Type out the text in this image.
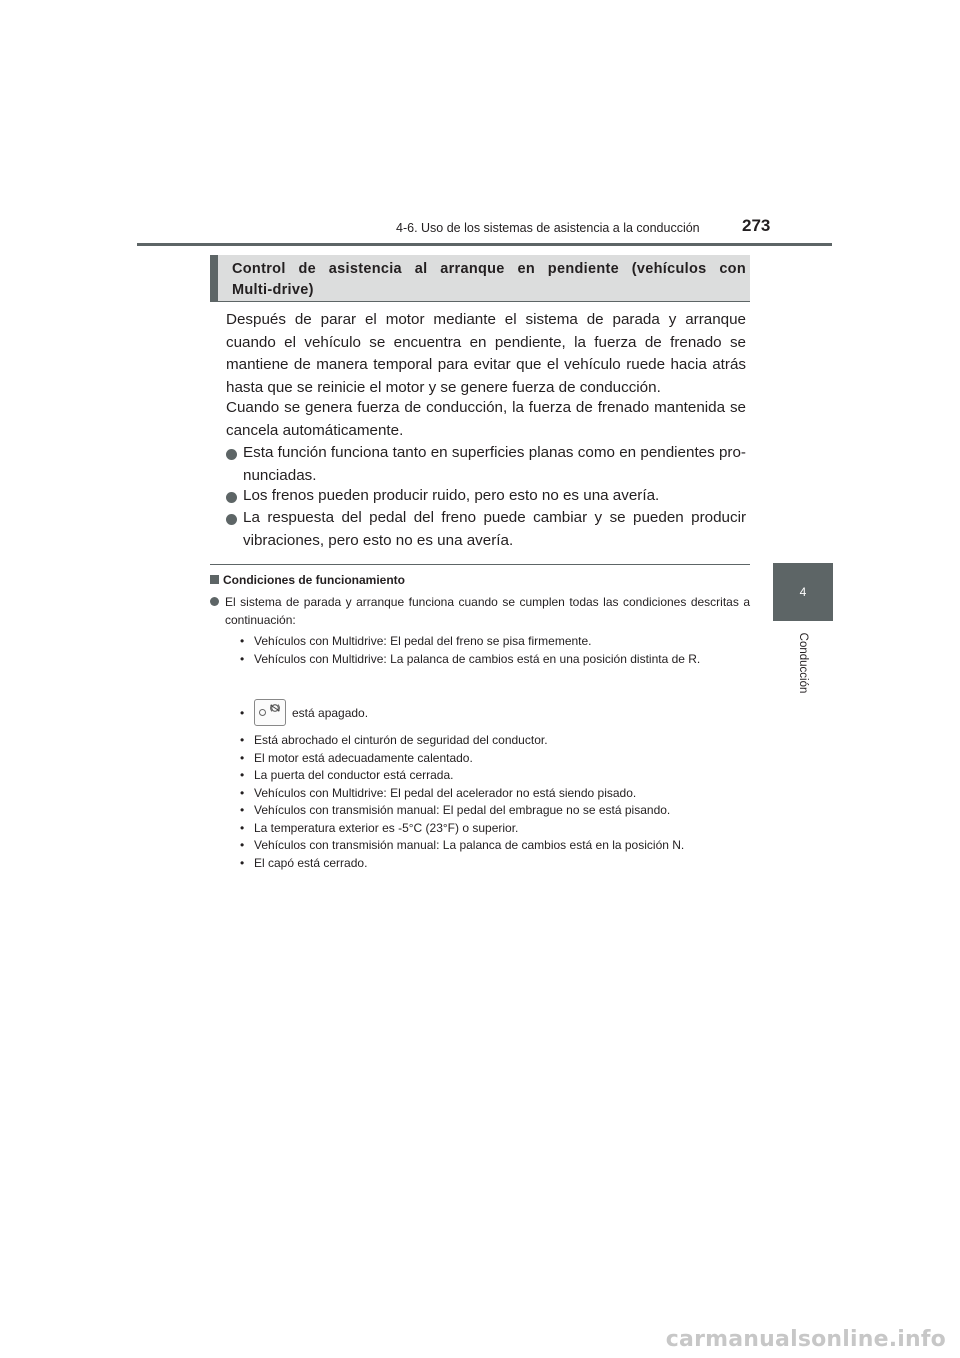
4-6. Uso de los sistemas de asistencia a la conducción 273
4
Conducción
Control de asistencia al arranque en pendiente (vehículos con Multi-drive)
Después de parar el motor mediante el sistema de parada y arranque cuando el vehículo se encuentra en pendiente, la fuerza de frenado se mantiene de manera temporal para evitar que el vehículo ruede hacia atrás hasta que se reinicie el motor y se genere fuerza de conducción.
Cuando se genera fuerza de conducción, la fuerza de frenado mantenida se cancela automáticamente.
Esta función funciona tanto en superficies planas como en pendientes pro-nunciadas.
Los frenos pueden producir ruido, pero esto no es una avería.
La respuesta del pedal del freno puede cambiar y se pueden producir vibraciones, pero esto no es una avería.
Condiciones de funcionamiento
El sistema de parada y arranque funciona cuando se cumplen todas las condiciones descritas a continuación:
• Vehículos con Multidrive: El pedal del freno se pisa firmemente.
• Vehículos con Multidrive: La palanca de cambios está en una posición distinta de R.
•	está apagado.
• Está abrochado el cinturón de seguridad del conductor.
• El motor está adecuadamente calentado.
• La puerta del conductor está cerrada.
• Vehículos con Multidrive: El pedal del acelerador no está siendo pisado.
• Vehículos con transmisión manual: El pedal del embrague no se está pisando.
• La temperatura exterior es -5°C (23°F) o superior.
• Vehículos con transmisión manual: La palanca de cambios está en la posición N.
• El capó está cerrado.
carmanualsonline.info
